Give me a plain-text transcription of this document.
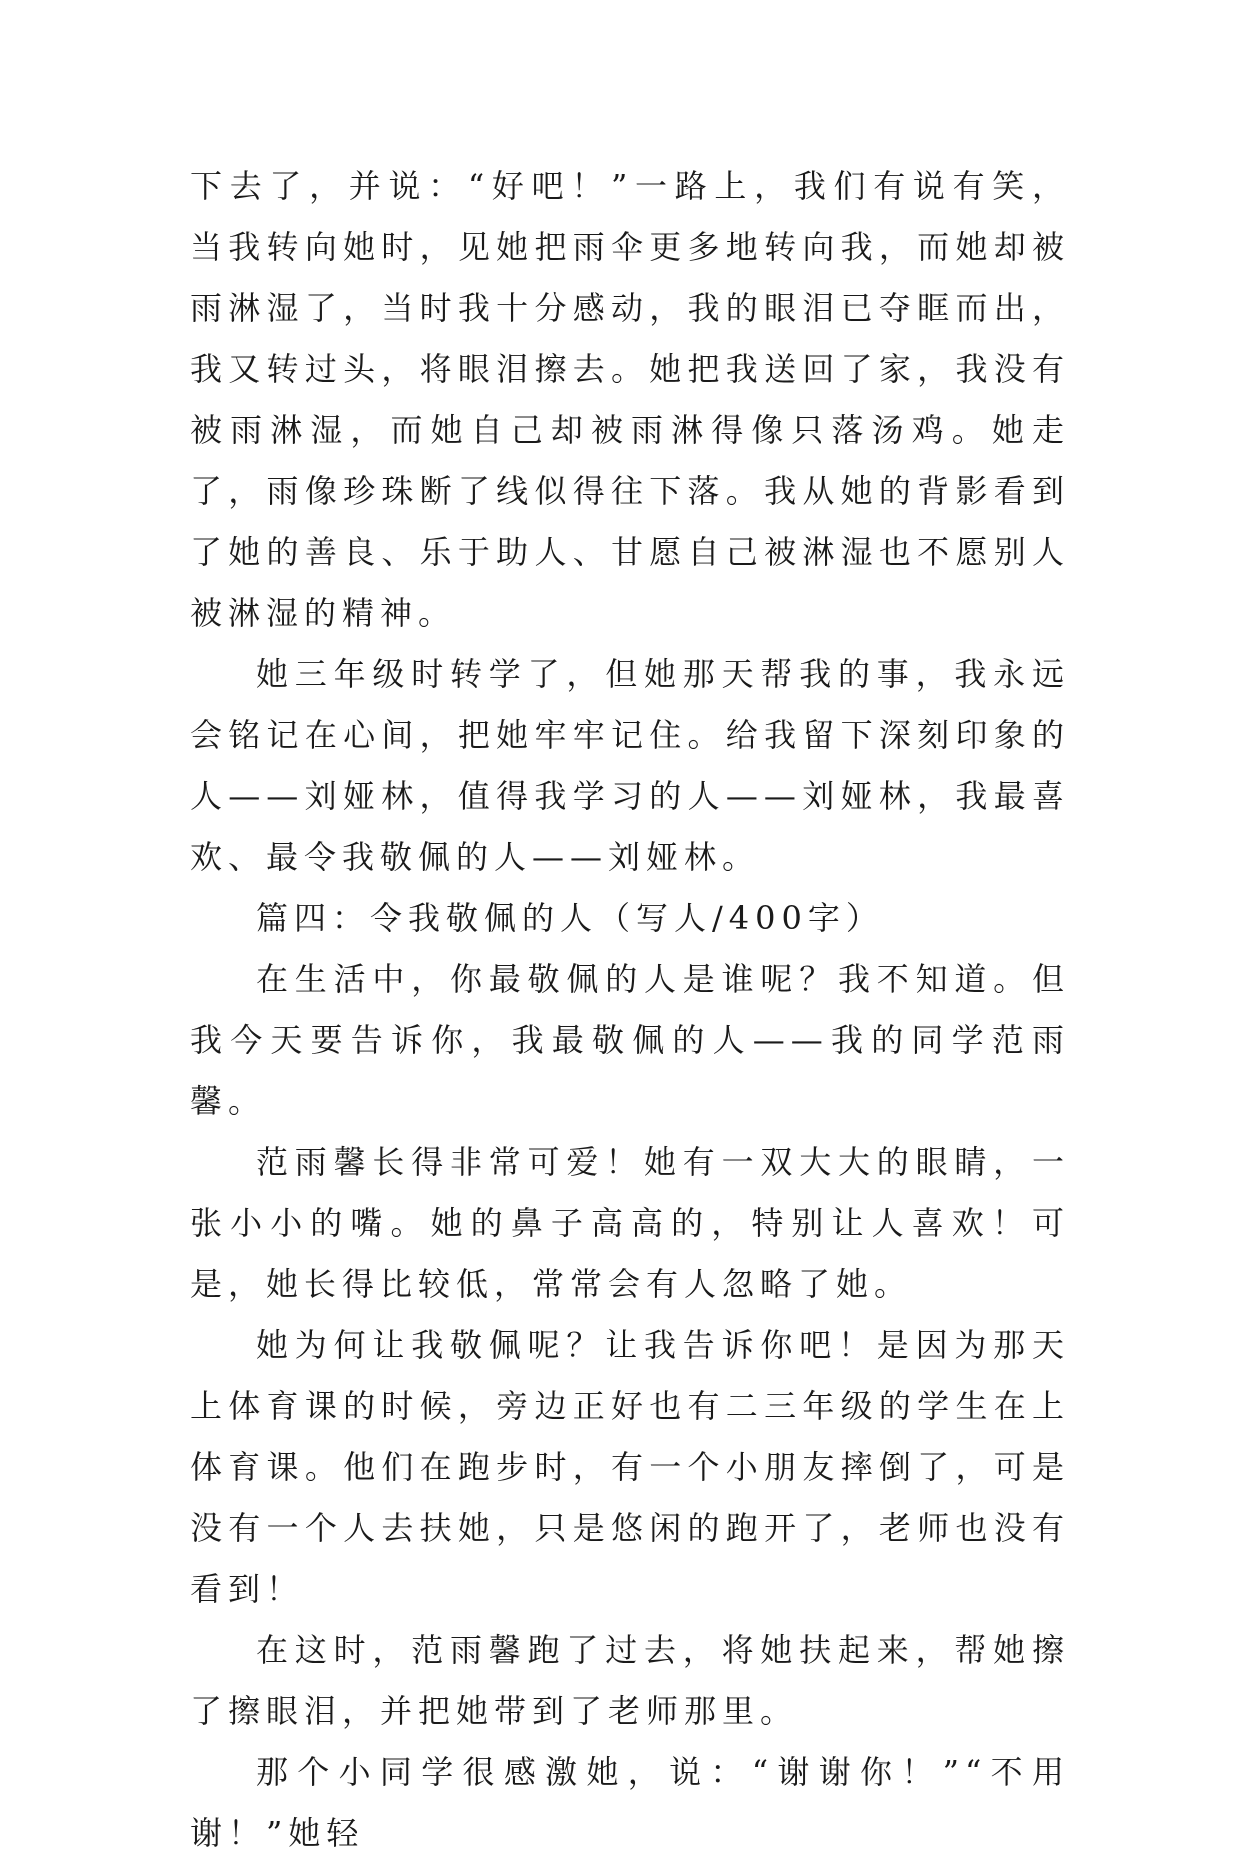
下去了，并说：“好吧！”一路上，我们有说有笑，当我转向她时，见她把雨伞更多地转向我，而她却被雨淋湿了，当时我十分感动，我的眼泪已夺眶而出，我又转过头，将眼泪擦去。她把我送回了家，我没有被雨淋湿，而她自己却被雨淋得像只落汤鸡。她走了，雨像珍珠断了线似得往下落。我从她的背影看到了她的善良、乐于助人、甘愿自己被淋湿也不愿别人被淋湿的精神。

她三年级时转学了，但她那天帮我的事，我永远会铭记在心间，把她牢牢记住。给我留下深刻印象的人——刘娅林，值得我学习的人——刘娅林，我最喜欢、最令我敬佩的人——刘娅林。

篇四：令我敬佩的人（写人/400字）

在生活中，你最敬佩的人是谁呢？我不知道。但我今天要告诉你，我最敬佩的人——我的同学范雨馨。

范雨馨长得非常可爱！她有一双大大的眼睛，一张小小的嘴。她的鼻子高高的，特别让人喜欢！可是，她长得比较低，常常会有人忽略了她。

她为何让我敬佩呢？让我告诉你吧！是因为那天上体育课的时候，旁边正好也有二三年级的学生在上体育课。他们在跑步时，有一个小朋友摔倒了，可是没有一个人去扶她，只是悠闲的跑开了，老师也没有看到！

在这时，范雨馨跑了过去，将她扶起来，帮她擦了擦眼泪，并把她带到了老师那里。

那个小同学很感激她，说：“谢谢你！”“不用谢！”她轻
